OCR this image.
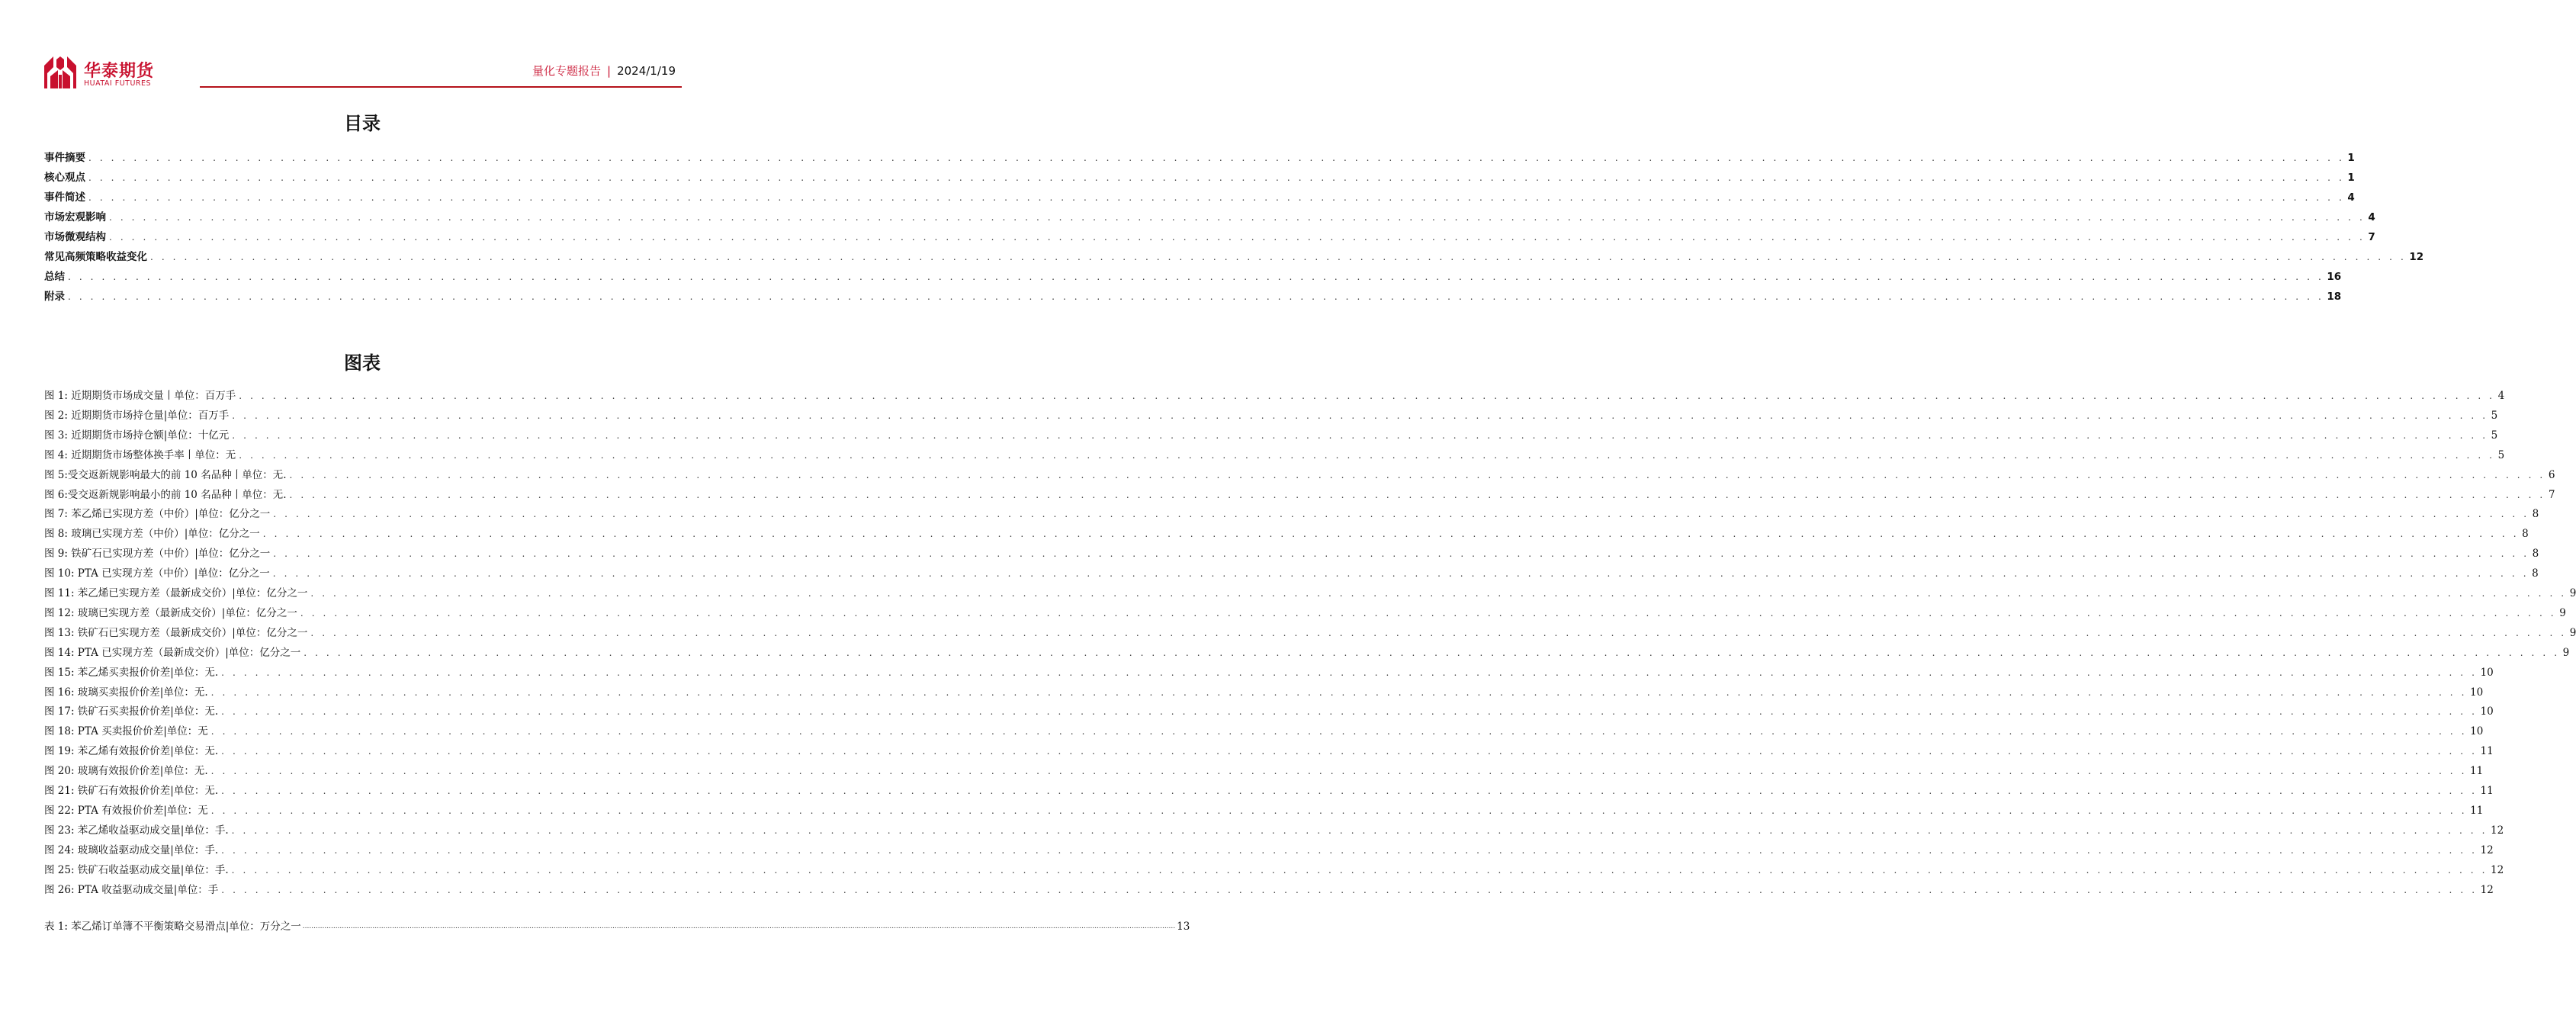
华泰期货
HUATAI FUTURES
量化专题报告 | 2024/1/19
目录
事件摘要 . . . . . . . . . . . . . . . . . . . . . . . . . . . . . . . . . . . . . . . . . . . . . . . . . . . . . . . . . . . . . . . . . . . . . . . . . . . . . . . . . . . . . . . . . . . . . . . . . . . . . . . . . . . . . . . . . . . . . . . . . . . . . . . . . . . . . . . . . . . . . . . . . . . . . . . . . . . . . . . . . . . . . . . . . . . . . . . . . . . . . . . . . . . . . . . . . . . . . . . . 1
核心观点 . . . . . . . . . . . . . . . . . . . . . . . . . . . . . . . . . . . . . . . . . . . . . . . . . . . . . . . . . . . . . . . . . . . . . . . . . . . . . . . . . . . . . . . . . . . . . . . . . . . . . . . . . . . . . . . . . . . . . . . . . . . . . . . . . . . . . . . . . . . . . . . . . . . . . . . . . . . . . . . . . . . . . . . . . . . . . . . . . . . . . . . . . . . . . . . . . . . . . . . . 1
事件简述 . . . . . . . . . . . . . . . . . . . . . . . . . . . . . . . . . . . . . . . . . . . . . . . . . . . . . . . . . . . . . . . . . . . . . . . . . . . . . . . . . . . . . . . . . . . . . . . . . . . . . . . . . . . . . . . . . . . . . . . . . . . . . . . . . . . . . . . . . . . . . . . . . . . . . . . . . . . . . . . . . . . . . . . . . . . . . . . . . . . . . . . . . . . . . . . . . . . . . . . . 4
市场宏观影响 . . . . . . . . . . . . . . . . . . . . . . . . . . . . . . . . . . . . . . . . . . . . . . . . . . . . . . . . . . . . . . . . . . . . . . . . . . . . . . . . . . . . . . . . . . . . . . . . . . . . . . . . . . . . . . . . . . . . . . . . . . . . . . . . . . . . . . . . . . . . . . . . . . . . . . . . . . . . . . . . . . . . . . . . . . . . . . . . . . . . . . . . . . . . . . . . . . . . . . . . 4
市场微观结构 . . . . . . . . . . . . . . . . . . . . . . . . . . . . . . . . . . . . . . . . . . . . . . . . . . . . . . . . . . . . . . . . . . . . . . . . . . . . . . . . . . . . . . . . . . . . . . . . . . . . . . . . . . . . . . . . . . . . . . . . . . . . . . . . . . . . . . . . . . . . . . . . . . . . . . . . . . . . . . . . . . . . . . . . . . . . . . . . . . . . . . . . . . . . . . . . . . . . . . . . 7
常见高频策略收益变化 . . . . . . . . . . . . . . . . . . . . . . . . . . . . . . . . . . . . . . . . . . . . . . . . . . . . . . . . . . . . . . . . . . . . . . . . . . . . . . . . . . . . . . . . . . . . . . . . . . . . . . . . . . . . . . . . . . . . . . . . . . . . . . . . . . . . . . . . . . . . . . . . . . . . . . . . . . . . . . . . . . . . . . . . . . . . . . . . . . . . . . . . . . . . . . . . . . . . . . . . 12
总结 . . . . . . . . . . . . . . . . . . . . . . . . . . . . . . . . . . . . . . . . . . . . . . . . . . . . . . . . . . . . . . . . . . . . . . . . . . . . . . . . . . . . . . . . . . . . . . . . . . . . . . . . . . . . . . . . . . . . . . . . . . . . . . . . . . . . . . . . . . . . . . . . . . . . . . . . . . . . . . . . . . . . . . . . . . . . . . . . . . . . . . . . . . . . . . . . . . . . . . . . 16
附录 . . . . . . . . . . . . . . . . . . . . . . . . . . . . . . . . . . . . . . . . . . . . . . . . . . . . . . . . . . . . . . . . . . . . . . . . . . . . . . . . . . . . . . . . . . . . . . . . . . . . . . . . . . . . . . . . . . . . . . . . . . . . . . . . . . . . . . . . . . . . . . . . . . . . . . . . . . . . . . . . . . . . . . . . . . . . . . . . . . . . . . . . . . . . . . . . . . . . . . . . 18
图表
图 1: 近期期货市场成交量丨单位：百万手 . . . . . . . . . . . . . . . . . . . . . . . . . . . . . . . . . . . . . . . . . . . . . . . . . . . . . . . . . . . . . . . . . . . . . . . . . . . . . . . . . . . . . . . . . . . . . . . . . . . . . . . . . . . . . . . . . . . . . . . . . . . . . . . . . . . . . . . . . . . . . . . . . . . . . . . . . . . . . . . . . . . . . . . . . . . . . . . . . . . . . . . . . . . . . . . . . . . . . . . . 4
图 2: 近期期货市场持仓量|单位：百万手 . . . . . . . . . . . . . . . . . . . . . . . . . . . . . . . . . . . . . . . . . . . . . . . . . . . . . . . . . . . . . . . . . . . . . . . . . . . . . . . . . . . . . . . . . . . . . . . . . . . . . . . . . . . . . . . . . . . . . . . . . . . . . . . . . . . . . . . . . . . . . . . . . . . . . . . . . . . . . . . . . . . . . . . . . . . . . . . . . . . . . . . . . . . . . . . . . . . . . . . . 5
图 3: 近期期货市场持仓额|单位：十亿元 . . . . . . . . . . . . . . . . . . . . . . . . . . . . . . . . . . . . . . . . . . . . . . . . . . . . . . . . . . . . . . . . . . . . . . . . . . . . . . . . . . . . . . . . . . . . . . . . . . . . . . . . . . . . . . . . . . . . . . . . . . . . . . . . . . . . . . . . . . . . . . . . . . . . . . . . . . . . . . . . . . . . . . . . . . . . . . . . . . . . . . . . . . . . . . . . . . . . . . . . 5
图 4: 近期期货市场整体换手率丨单位：无 . . . . . . . . . . . . . . . . . . . . . . . . . . . . . . . . . . . . . . . . . . . . . . . . . . . . . . . . . . . . . . . . . . . . . . . . . . . . . . . . . . . . . . . . . . . . . . . . . . . . . . . . . . . . . . . . . . . . . . . . . . . . . . . . . . . . . . . . . . . . . . . . . . . . . . . . . . . . . . . . . . . . . . . . . . . . . . . . . . . . . . . . . . . . . . . . . . . . . . . . 5
图 5:受交返新规影响最大的前 10 名品种丨单位：无. . . . . . . . . . . . . . . . . . . . . . . . . . . . . . . . . . . . . . . . . . . . . . . . . . . . . . . . . . . . . . . . . . . . . . . . . . . . . . . . . . . . . . . . . . . . . . . . . . . . . . . . . . . . . . . . . . . . . . . . . . . . . . . . . . . . . . . . . . . . . . . . . . . . . . . . . . . . . . . . . . . . . . . . . . . . . . . . . . . . . . . . . . . . . . . . . . . . . . . . . 6
图 6:受交返新规影响最小的前 10 名品种丨单位：无. . . . . . . . . . . . . . . . . . . . . . . . . . . . . . . . . . . . . . . . . . . . . . . . . . . . . . . . . . . . . . . . . . . . . . . . . . . . . . . . . . . . . . . . . . . . . . . . . . . . . . . . . . . . . . . . . . . . . . . . . . . . . . . . . . . . . . . . . . . . . . . . . . . . . . . . . . . . . . . . . . . . . . . . . . . . . . . . . . . . . . . . . . . . . . . . . . . . . . . . . 7
图 7: 苯乙烯已实现方差（中价）|单位：亿分之一 . . . . . . . . . . . . . . . . . . . . . . . . . . . . . . . . . . . . . . . . . . . . . . . . . . . . . . . . . . . . . . . . . . . . . . . . . . . . . . . . . . . . . . . . . . . . . . . . . . . . . . . . . . . . . . . . . . . . . . . . . . . . . . . . . . . . . . . . . . . . . . . . . . . . . . . . . . . . . . . . . . . . . . . . . . . . . . . . . . . . . . . . . . . . . . . . . . . . . . . . 8
图 8: 玻璃已实现方差（中价）|单位：亿分之一 . . . . . . . . . . . . . . . . . . . . . . . . . . . . . . . . . . . . . . . . . . . . . . . . . . . . . . . . . . . . . . . . . . . . . . . . . . . . . . . . . . . . . . . . . . . . . . . . . . . . . . . . . . . . . . . . . . . . . . . . . . . . . . . . . . . . . . . . . . . . . . . . . . . . . . . . . . . . . . . . . . . . . . . . . . . . . . . . . . . . . . . . . . . . . . . . . . . . . . . . 8
图 9: 铁矿石已实现方差（中价）|单位：亿分之一 . . . . . . . . . . . . . . . . . . . . . . . . . . . . . . . . . . . . . . . . . . . . . . . . . . . . . . . . . . . . . . . . . . . . . . . . . . . . . . . . . . . . . . . . . . . . . . . . . . . . . . . . . . . . . . . . . . . . . . . . . . . . . . . . . . . . . . . . . . . . . . . . . . . . . . . . . . . . . . . . . . . . . . . . . . . . . . . . . . . . . . . . . . . . . . . . . . . . . . . . 8
图 10: PTA 已实现方差（中价）|单位：亿分之一 . . . . . . . . . . . . . . . . . . . . . . . . . . . . . . . . . . . . . . . . . . . . . . . . . . . . . . . . . . . . . . . . . . . . . . . . . . . . . . . . . . . . . . . . . . . . . . . . . . . . . . . . . . . . . . . . . . . . . . . . . . . . . . . . . . . . . . . . . . . . . . . . . . . . . . . . . . . . . . . . . . . . . . . . . . . . . . . . . . . . . . . . . . . . . . . . . . . . . . . . 8
图 11: 苯乙烯已实现方差（最新成交价）|单位：亿分之一 . . . . . . . . . . . . . . . . . . . . . . . . . . . . . . . . . . . . . . . . . . . . . . . . . . . . . . . . . . . . . . . . . . . . . . . . . . . . . . . . . . . . . . . . . . . . . . . . . . . . . . . . . . . . . . . . . . . . . . . . . . . . . . . . . . . . . . . . . . . . . . . . . . . . . . . . . . . . . . . . . . . . . . . . . . . . . . . . . . . . . . . . . . . . . . . . . . . . . . . . 9
图 12: 玻璃已实现方差（最新成交价）|单位：亿分之一 . . . . . . . . . . . . . . . . . . . . . . . . . . . . . . . . . . . . . . . . . . . . . . . . . . . . . . . . . . . . . . . . . . . . . . . . . . . . . . . . . . . . . . . . . . . . . . . . . . . . . . . . . . . . . . . . . . . . . . . . . . . . . . . . . . . . . . . . . . . . . . . . . . . . . . . . . . . . . . . . . . . . . . . . . . . . . . . . . . . . . . . . . . . . . . . . . . . . . . . . 9
图 13: 铁矿石已实现方差（最新成交价）|单位：亿分之一 . . . . . . . . . . . . . . . . . . . . . . . . . . . . . . . . . . . . . . . . . . . . . . . . . . . . . . . . . . . . . . . . . . . . . . . . . . . . . . . . . . . . . . . . . . . . . . . . . . . . . . . . . . . . . . . . . . . . . . . . . . . . . . . . . . . . . . . . . . . . . . . . . . . . . . . . . . . . . . . . . . . . . . . . . . . . . . . . . . . . . . . . . . . . . . . . . . . . . . . . 9
图 14: PTA 已实现方差（最新成交价）|单位：亿分之一 . . . . . . . . . . . . . . . . . . . . . . . . . . . . . . . . . . . . . . . . . . . . . . . . . . . . . . . . . . . . . . . . . . . . . . . . . . . . . . . . . . . . . . . . . . . . . . . . . . . . . . . . . . . . . . . . . . . . . . . . . . . . . . . . . . . . . . . . . . . . . . . . . . . . . . . . . . . . . . . . . . . . . . . . . . . . . . . . . . . . . . . . . . . . . . . . . . . . . . . . 9
图 15: 苯乙烯买卖报价价差|单位：无. . . . . . . . . . . . . . . . . . . . . . . . . . . . . . . . . . . . . . . . . . . . . . . . . . . . . . . . . . . . . . . . . . . . . . . . . . . . . . . . . . . . . . . . . . . . . . . . . . . . . . . . . . . . . . . . . . . . . . . . . . . . . . . . . . . . . . . . . . . . . . . . . . . . . . . . . . . . . . . . . . . . . . . . . . . . . . . . . . . . . . . . . . . . . . . . . . . . . . . . . 10
图 16: 玻璃买卖报价价差|单位：无. . . . . . . . . . . . . . . . . . . . . . . . . . . . . . . . . . . . . . . . . . . . . . . . . . . . . . . . . . . . . . . . . . . . . . . . . . . . . . . . . . . . . . . . . . . . . . . . . . . . . . . . . . . . . . . . . . . . . . . . . . . . . . . . . . . . . . . . . . . . . . . . . . . . . . . . . . . . . . . . . . . . . . . . . . . . . . . . . . . . . . . . . . . . . . . . . . . . . . . . . 10
图 17: 铁矿石买卖报价价差|单位：无. . . . . . . . . . . . . . . . . . . . . . . . . . . . . . . . . . . . . . . . . . . . . . . . . . . . . . . . . . . . . . . . . . . . . . . . . . . . . . . . . . . . . . . . . . . . . . . . . . . . . . . . . . . . . . . . . . . . . . . . . . . . . . . . . . . . . . . . . . . . . . . . . . . . . . . . . . . . . . . . . . . . . . . . . . . . . . . . . . . . . . . . . . . . . . . . . . . . . . . . . 10
图 18: PTA 买卖报价价差|单位：无 . . . . . . . . . . . . . . . . . . . . . . . . . . . . . . . . . . . . . . . . . . . . . . . . . . . . . . . . . . . . . . . . . . . . . . . . . . . . . . . . . . . . . . . . . . . . . . . . . . . . . . . . . . . . . . . . . . . . . . . . . . . . . . . . . . . . . . . . . . . . . . . . . . . . . . . . . . . . . . . . . . . . . . . . . . . . . . . . . . . . . . . . . . . . . . . . . . . . . . . . 10
图 19: 苯乙烯有效报价价差|单位：无. . . . . . . . . . . . . . . . . . . . . . . . . . . . . . . . . . . . . . . . . . . . . . . . . . . . . . . . . . . . . . . . . . . . . . . . . . . . . . . . . . . . . . . . . . . . . . . . . . . . . . . . . . . . . . . . . . . . . . . . . . . . . . . . . . . . . . . . . . . . . . . . . . . . . . . . . . . . . . . . . . . . . . . . . . . . . . . . . . . . . . . . . . . . . . . . . . . . . . . . . 11
图 20: 玻璃有效报价价差|单位：无. . . . . . . . . . . . . . . . . . . . . . . . . . . . . . . . . . . . . . . . . . . . . . . . . . . . . . . . . . . . . . . . . . . . . . . . . . . . . . . . . . . . . . . . . . . . . . . . . . . . . . . . . . . . . . . . . . . . . . . . . . . . . . . . . . . . . . . . . . . . . . . . . . . . . . . . . . . . . . . . . . . . . . . . . . . . . . . . . . . . . . . . . . . . . . . . . . . . . . . . . 11
图 21: 铁矿石有效报价价差|单位：无. . . . . . . . . . . . . . . . . . . . . . . . . . . . . . . . . . . . . . . . . . . . . . . . . . . . . . . . . . . . . . . . . . . . . . . . . . . . . . . . . . . . . . . . . . . . . . . . . . . . . . . . . . . . . . . . . . . . . . . . . . . . . . . . . . . . . . . . . . . . . . . . . . . . . . . . . . . . . . . . . . . . . . . . . . . . . . . . . . . . . . . . . . . . . . . . . . . . . . . . . 11
图 22: PTA 有效报价价差|单位：无 . . . . . . . . . . . . . . . . . . . . . . . . . . . . . . . . . . . . . . . . . . . . . . . . . . . . . . . . . . . . . . . . . . . . . . . . . . . . . . . . . . . . . . . . . . . . . . . . . . . . . . . . . . . . . . . . . . . . . . . . . . . . . . . . . . . . . . . . . . . . . . . . . . . . . . . . . . . . . . . . . . . . . . . . . . . . . . . . . . . . . . . . . . . . . . . . . . . . . . . . 11
图 23: 苯乙烯收益驱动成交量|单位：手. . . . . . . . . . . . . . . . . . . . . . . . . . . . . . . . . . . . . . . . . . . . . . . . . . . . . . . . . . . . . . . . . . . . . . . . . . . . . . . . . . . . . . . . . . . . . . . . . . . . . . . . . . . . . . . . . . . . . . . . . . . . . . . . . . . . . . . . . . . . . . . . . . . . . . . . . . . . . . . . . . . . . . . . . . . . . . . . . . . . . . . . . . . . . . . . . . . . . . . . . 12
图 24: 玻璃收益驱动成交量|单位：手. . . . . . . . . . . . . . . . . . . . . . . . . . . . . . . . . . . . . . . . . . . . . . . . . . . . . . . . . . . . . . . . . . . . . . . . . . . . . . . . . . . . . . . . . . . . . . . . . . . . . . . . . . . . . . . . . . . . . . . . . . . . . . . . . . . . . . . . . . . . . . . . . . . . . . . . . . . . . . . . . . . . . . . . . . . . . . . . . . . . . . . . . . . . . . . . . . . . . . . . . 12
图 25: 铁矿石收益驱动成交量|单位：手. . . . . . . . . . . . . . . . . . . . . . . . . . . . . . . . . . . . . . . . . . . . . . . . . . . . . . . . . . . . . . . . . . . . . . . . . . . . . . . . . . . . . . . . . . . . . . . . . . . . . . . . . . . . . . . . . . . . . . . . . . . . . . . . . . . . . . . . . . . . . . . . . . . . . . . . . . . . . . . . . . . . . . . . . . . . . . . . . . . . . . . . . . . . . . . . . . . . . . . . . 12
图 26: PTA 收益驱动成交量|单位：手 . . . . . . . . . . . . . . . . . . . . . . . . . . . . . . . . . . . . . . . . . . . . . . . . . . . . . . . . . . . . . . . . . . . . . . . . . . . . . . . . . . . . . . . . . . . . . . . . . . . . . . . . . . . . . . . . . . . . . . . . . . . . . . . . . . . . . . . . . . . . . . . . . . . . . . . . . . . . . . . . . . . . . . . . . . . . . . . . . . . . . . . . . . . . . . . . . . . . . . . . 12
表 1: 苯乙烯订单簿不平衡策略交易滑点|单位：万分之一 ................................................................................................................................................................................................................................................................................................................................................................................................................ 13
